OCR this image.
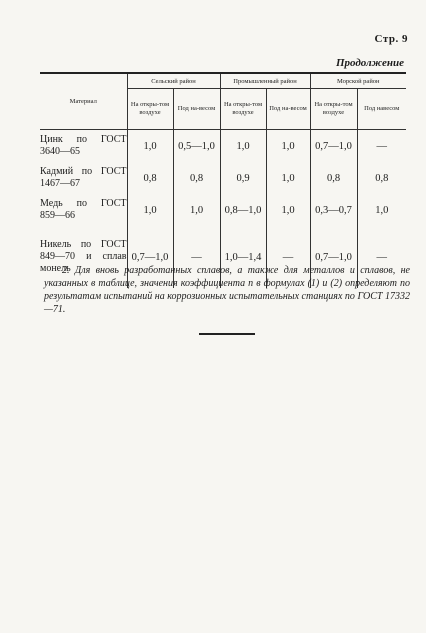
Стр. 9
Продолжение
Материал	Сельский район		Промышленный район		Морской район	
	На откры-том воздухе	Под на-весом	На откры-том воздухе	Под на-весом	На откры-том воздухе	Под навесом

Цинк по ГОСТ
3640—65	1,0	0,5—1,0	1,0	1,0	0,7—1,0	—

Кадмий по ГОСТ
1467—67	0,8	0,8	0,9	1,0	0,8	0,8

Медь по ГОСТ
859—66	1,0	1,0	0,8—1,0	1,0	0,3—0,7	1,0

Никель по ГОСТ
849—70 и сплав
монель	0,7—1,0	—	1,0—1,4	—	0,7—1,0	—
2. Для вновь разработанных сплавов, а также для металлов и сплавов, не указанных в таблице, значения коэффициента n в формулах (1) и (2) определяют по результатам испытаний на коррозионных испытательных станциях по ГОСТ 17332—71.
